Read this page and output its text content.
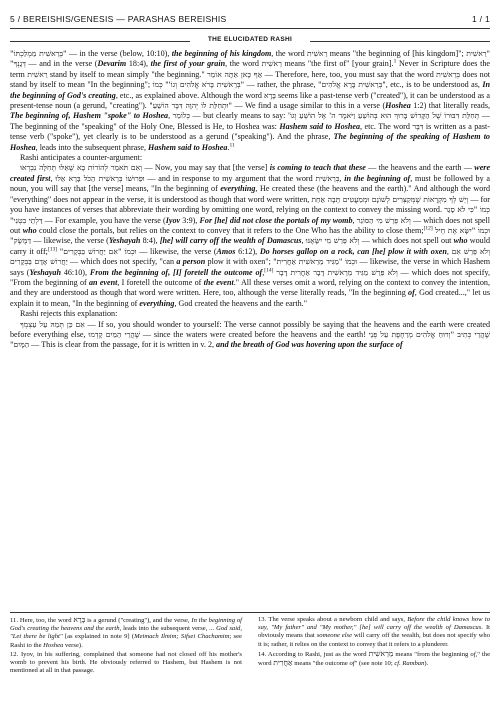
5 / BEREISHIS/GENESIS — PARASHAS BEREISHIS	1 / 1
THE ELUCIDATED RASHI

"בְּרֵאשִׁית מַמְלַכְתּוֹ" — in the verse (below, 10:10), the beginning of his kingdom, the word רֵאשִׁית means "the beginning of [his kingdom]"; "רֵאשִׁית דְּגָנְךָ" — and in the verse (Devarim 18:4), the first of your grain, the word רֵאשִׁית means "the first of" [your grain].$^1$ Never in Scripture does the term רֵאשִׁית stand by itself to mean simply "the beginning." אַף כָּאן אַתָּה אוֹמֵר — Therefore, here, too, you must say that the word בְּרֵאשִׁית does not stand by itself to mean "In the beginning"; כְּמוֹ "בְּרֵאשִׁית בָּרֹא אֱלֹהִים וְגוֹ'" — rather, the phrase, "בְּרֵאשִׁית בָּרָא אֱלֹהִים", etc., is to be understood as, In the beginning of God's creating, etc., as explained above. Although the word בָּרָא seems like a past-tense verb ("created"), it can be understood as a present-tense noun (a gerund, "creating"). "וּתְחִלַּת לוֹ יְהוָה דִּבֶּר הוֹשֵׁעַ" — We find a usage similar to this in a verse (Hoshea 1:2) that literally reads, The beginning of, Hashem "spoke" to Hoshea, כְּלוֹמַר — but clearly means to say: תְּחִלַּת דִּבּוּרוֹ שֶׁל הַקָּדוֹשׁ בָּרוּךְ הוּא בְּהוֹשֵׁעַ וַיֹּאמֶר ה' אֶל הוֹשֵׁעַ וְגוֹ' — The beginning of the "speaking" of the Holy One, Blessed is He, to Hoshea was: Hashem said to Hoshea, etc. The word דִּבֶּר is written as a past-tense verb ("spoke"), yet clearly is to be understood as a gerund ("speaking"). And the phrase, The beginning of the speaking of Hashem to Hoshea, leads into the subsequent phrase, Hashem said to Hoshea.$^{11}$

Rashi anticipates a counter-argument:

וְאִם תֹּאמַר לְהוֹרוֹת בָּא שֶׁאֵלּוּ תְּחִלָּה נִבְרְאוּ — Now, you may say that [the verse] is coming to teach that these — the heavens and the earth — were created first, וּפֵרוּשׁוֹ בְּרֵאשִׁית הַכֹּל בָּרָא אֵלּוּ — and in response to my argument that the word בְּרֵאשִׁית, in the beginning of, must be followed by a noun, you will say that [the verse] means, "In the beginning of everything, He created these (the heavens and the earth)." And although the word "everything" does not appear in the verse, it is understood as though that word were written, וְיֵשׁ לְךָ מִקְרָאוֹת שֶׁמְּקַצְּרִים לְשׁוֹנָם וּמְמַעֲטִים תֵּבָה אַחַת — for you have instances of verses that abbreviate their wording by omitting one word, relying on the context to convey the missing word. כְּמוֹ "כִּי לֹא סָגַר דַּלְתֵי בִטְנִי" — For example, you have the verse (Iyov 3:9), For [he] did not close the portals of my womb, וְלֹא פֵּרֵשׁ מִי הַסּוֹגֵר — which does not spell out who could close the portals, but relies on the context to convey that it refers to the One Who has the ability to close them;[12] וּכְמוֹ "יִשָּׂא אֶת חֵיל דַּמֶּשֶׂק" — likewise, the verse (Yeshayah 8:4), [he] will carry off the wealth of Damascus, וְלֹא פֵּרֵשׁ מִי יִשָּׂאֶנּוּ — which does not spell out who would carry it off;[13] וּכְמוֹ "אִם יַחֲרוֹשׁ בַּבְּקָרִים" — likewise, the verse (Amos 6:12), Do horses gallop on a rock, can [he] plow it with oxen, וְלֹא פֵּרֵשׁ אִם יַחֲרוֹשׁ אָדָם בַּבְּקָרִים — which does not specify, "can a person plow it with oxen"; וּכְמוֹ "מַגִּיד מֵרֵאשִׁית אַחֲרִית" — likewise, the verse in which Hashem says (Yeshayah 46:10), From the beginning of, [I] foretell the outcome of,[14] וְלֹא פֵּרֵשׁ מַגִּיד מֵרֵאשִׁית דָּבָר אַחֲרִית דָּבָר — which does not specify, "From the beginning of an event, I foretell the outcome of the event." All these verses omit a word, relying on the context to convey the intention, and they are understood as though that word were written. Here, too, although the verse literally reads, "In the beginning of, God created...," let us explain it to mean, "In the beginning of everything, God created the heavens and the earth."

Rashi rejects this explanation:

אִם כֵּן תְּמַהּ עַל עַצְמְךָ — If so, you should wonder to yourself: The verse cannot possibly be saying that the heavens and the earth were created before everything else, שֶׁהֲרֵי הַמַּיִם קָדְמוּ — since the waters were created before the heavens and the earth! שֶׁהֲרֵי כְּתִיב "וְרוּחַ אֱלֹהִים מְרַחֶפֶת עַל פְּנֵי הַמָּיִם" — This is clear from the passage, for it is written in v. 2, and the breath of God was hovering upon the surface of

11. Here, too, the word בָּרָא is a gerund ("creating"), and the verse, In the beginning of God's creating the heavens and the earth, leads into the subsequent verse, ... God said, "Let there be light" [as explained in note 9] (Meimach Ilmim; Sifsei Chachamim; see Rashi to the Hoshea verse).

12. Iyov, in his suffering, complained that someone had not closed off his mother's womb to prevent his birth. He obviously referred to Hashem, but Hashem is not mentioned at all in that passage.

13. The verse speaks about a newborn child and says, Before the child knows how to say, "My father" and "My mother," [he] will carry off the wealth of Damascus. It obviously means that someone else will carry off the wealth, but does not specify who it is; rather, it relies on the context to convey that it refers to a plunderer.

14. According to Rashi, just as the word מֵרֵאשִׁית means "from the beginning of," the word אַחֲרִית means "the outcome of" (see note 10; cf. Ramban).
